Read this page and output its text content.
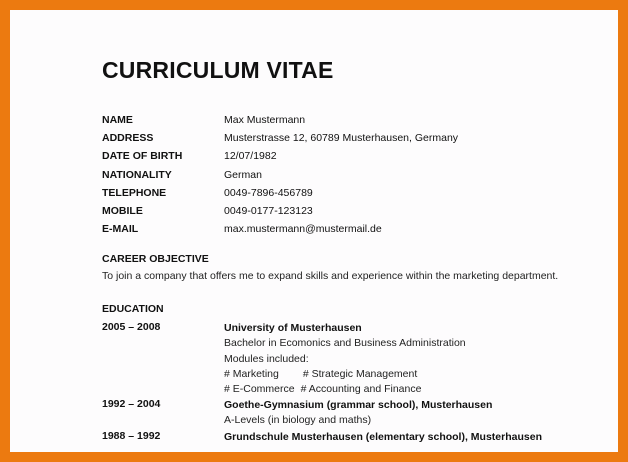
CURRICULUM VITAE
NAME	Max Mustermann
ADDRESS	Musterstrasse 12, 60789 Musterhausen, Germany
DATE OF BIRTH	12/07/1982
NATIONALITY	German
TELEPHONE	0049-7896-456789
MOBILE	0049-0177-123123
E-MAIL	max.mustermann@mustermail.de
CAREER OBJECTIVE
To join a company that offers me to expand skills and experience within the marketing department.
EDUCATION
2005 – 2008	University of Musterhausen
Bachelor in Ecomonics and Business Administration
Modules included:
# Marketing # Strategic Management
# E-Commerce # Accounting and Finance
1992 – 2004	Goethe-Gymnasium (grammar school), Musterhausen
A-Levels (in biology and maths)
1988 – 1992	Grundschule Musterhausen (elementary school), Musterhausen
